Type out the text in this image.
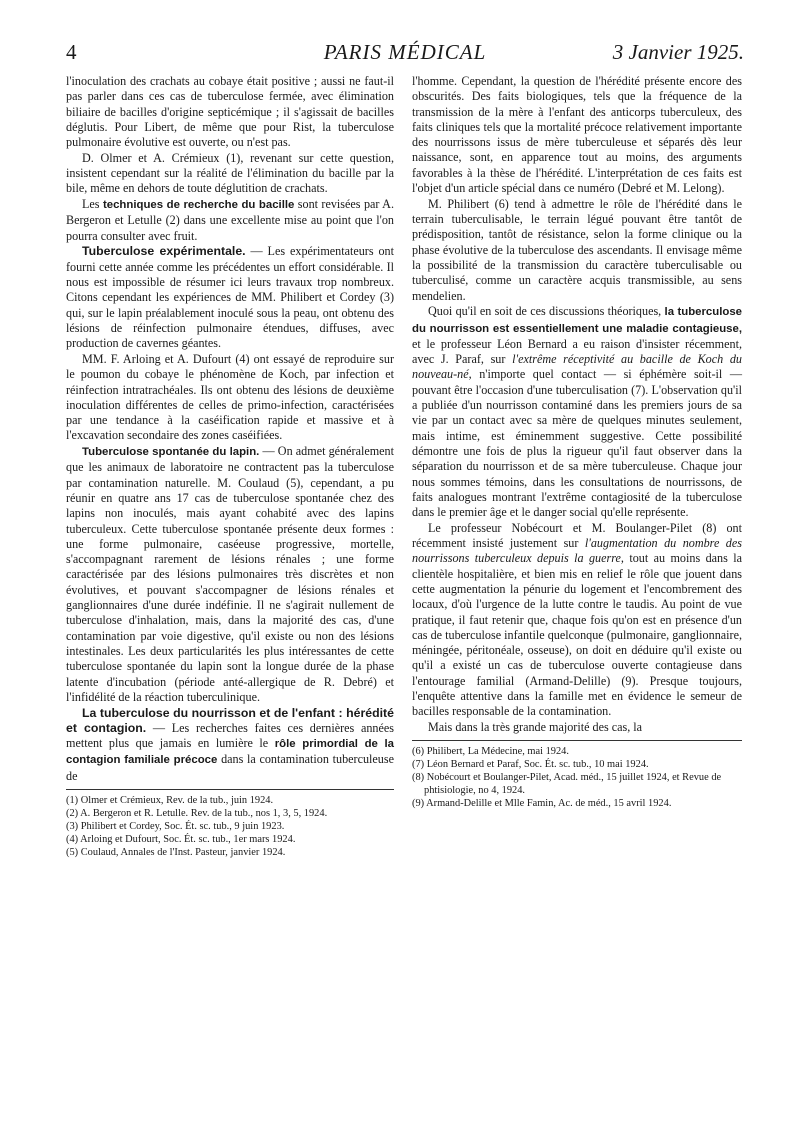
4	PARIS MÉDICAL	3 Janvier 1925.

l'inoculation des crachats au cobaye était positive ; aussi ne faut-il pas parler dans ces cas de tuberculose fermée, avec élimination biliaire de bacilles d'origine septicémique ; il s'agissait de bacilles déglutis. Pour Libert, de même que pour Rist, la tuberculose pulmonaire évolutive est ouverte, ou n'est pas.

D. Olmer et A. Crémieux (1), revenant sur cette question, insistent cependant sur la réalité de l'élimination du bacille par la bile, même en dehors de toute déglutition de crachats.

Les techniques de recherche du bacille sont revisées par A. Bergeron et Letulle (2) dans une excellente mise au point que l'on pourra consulter avec fruit.

Tuberculose expérimentale. — Les expérimentateurs ont fourni cette année comme les précédentes un effort considérable. Il nous est impossible de résumer ici leurs travaux trop nombreux. Citons cependant les expériences de MM. Philibert et Cordey (3) qui, sur le lapin préalablement inoculé sous la peau, ont obtenu des lésions de réinfection pulmonaire étendues, diffuses, avec production de cavernes géantes.

MM. F. Arloing et A. Dufourt (4) ont essayé de reproduire sur le poumon du cobaye le phénomène de Koch, par infection et réinfection intratrachéales. Ils ont obtenu des lésions de deuxième inoculation différentes de celles de primo-infection, caractérisées par une tendance à la caséification rapide et massive et à l'excavation secondaire des zones caséifiées.

Tuberculose spontanée du lapin. — On admet généralement que les animaux de laboratoire ne contractent pas la tuberculose par contamination naturelle. M. Coulaud (5), cependant, a pu réunir en quatre ans 17 cas de tuberculose spontanée chez des lapins non inoculés, mais ayant cohabité avec des lapins tuberculeux. Cette tuberculose spontanée présente deux formes : une forme pulmonaire, caséeuse progressive, mortelle, s'accompagnant rarement de lésions rénales ; une forme caractérisée par des lésions pulmonaires très discrètes et non évolutives, et pouvant s'accompagner de lésions rénales et ganglionnaires d'une durée indéfinie. Il ne s'agirait nullement de tuberculose d'inhalation, mais, dans la majorité des cas, d'une contamination par voie digestive, qu'il existe ou non des lésions intestinales. Les deux particularités les plus intéressantes de cette tuberculose spontanée du lapin sont la longue durée de la phase latente d'incubation (période anté-allergique de R. Debré) et l'infidélité de la réaction tuberculinique.

La tuberculose du nourrisson et de l'enfant : hérédité et contagion. — Les recherches faites ces dernières années mettent plus que jamais en lumière le rôle primordial de la contagion familiale précoce dans la contamination tuberculeuse de

(1) Olmer et Crémieux, Rev. de la tub., juin 1924.
(2) A. Bergeron et R. Letulle. Rev. de la tub., nos 1, 3, 5, 1924.
(3) Philibert et Cordey, Soc. Ét. sc. tub., 9 juin 1923.
(4) Arloing et Dufourt, Soc. Ét. sc. tub., 1er mars 1924.
(5) Coulaud, Annales de l'Inst. Pasteur, janvier 1924.

l'homme. Cependant, la question de l'hérédité présente encore des obscurités. Des faits biologiques, tels que la fréquence de la transmission de la mère à l'enfant des anticorps tuberculeux, des faits cliniques tels que la mortalité précoce relativement importante des nourrissons issus de mère tuberculeuse et séparés dès leur naissance, sont, en apparence tout au moins, des arguments favorables à la thèse de l'hérédité. L'interprétation de ces faits est l'objet d'un article spécial dans ce numéro (Debré et M. Lelong).

M. Philibert (6) tend à admettre le rôle de l'hérédité dans le terrain tuberculisable, le terrain légué pouvant être tantôt de prédisposition, tantôt de résistance, selon la forme clinique ou la phase évolutive de la tuberculose des ascendants. Il envisage même la possibilité de la transmission du caractère tuberculisable ou tuberculisé, comme un caractère acquis transmissible, au sens mendelien.

Quoi qu'il en soit de ces discussions théoriques, la tuberculose du nourrisson est essentiellement une maladie contagieuse, et le professeur Léon Bernard a eu raison d'insister récemment, avec J. Paraf, sur l'extrême réceptivité au bacille de Koch du nouveau-né, n'importe quel contact — si éphémère soit-il — pouvant être l'occasion d'une tuberculisation (7). L'observation qu'il a publiée d'un nourrisson contaminé dans les premiers jours de sa vie par un contact avec sa mère de quelques minutes seulement, mais intime, est éminemment suggestive. Cette possibilité démontre une fois de plus la rigueur qu'il faut observer dans la séparation du nourrisson et de sa mère tuberculeuse. Chaque jour nous sommes témoins, dans les consultations de nourrissons, de faits analogues montrant l'extrême contagiosité de la tuberculose dans le premier âge et le danger social qu'elle représente.

Le professeur Nobécourt et M. Boulanger-Pilet (8) ont récemment insisté justement sur l'augmentation du nombre des nourrissons tuberculeux depuis la guerre, tout au moins dans la clientèle hospitalière, et bien mis en relief le rôle que jouent dans cette augmentation la pénurie du logement et l'encombrement des locaux, d'où l'urgence de la lutte contre le taudis. Au point de vue pratique, il faut retenir que, chaque fois qu'on est en présence d'un cas de tuberculose infantile quelconque (pulmonaire, ganglionnaire, méningée, péritonéale, osseuse), on doit en déduire qu'il existe ou qu'il a existé un cas de tuberculose ouverte contagieuse dans l'entourage familial (Armand-Delille) (9). Presque toujours, l'enquête attentive dans la famille met en évidence le semeur de bacilles responsable de la contamination.

Mais dans la très grande majorité des cas, la

(6) Philibert, La Médecine, mai 1924.
(7) Léon Bernard et Paraf, Soc. Ét. sc. tub., 10 mai 1924.
(8) Nobécourt et Boulanger-Pilet, Acad. méd., 15 juillet 1924, et Revue de phtisiologie, no 4, 1924.
(9) Armand-Delille et Mlle Famin, Ac. de méd., 15 avril 1924.
